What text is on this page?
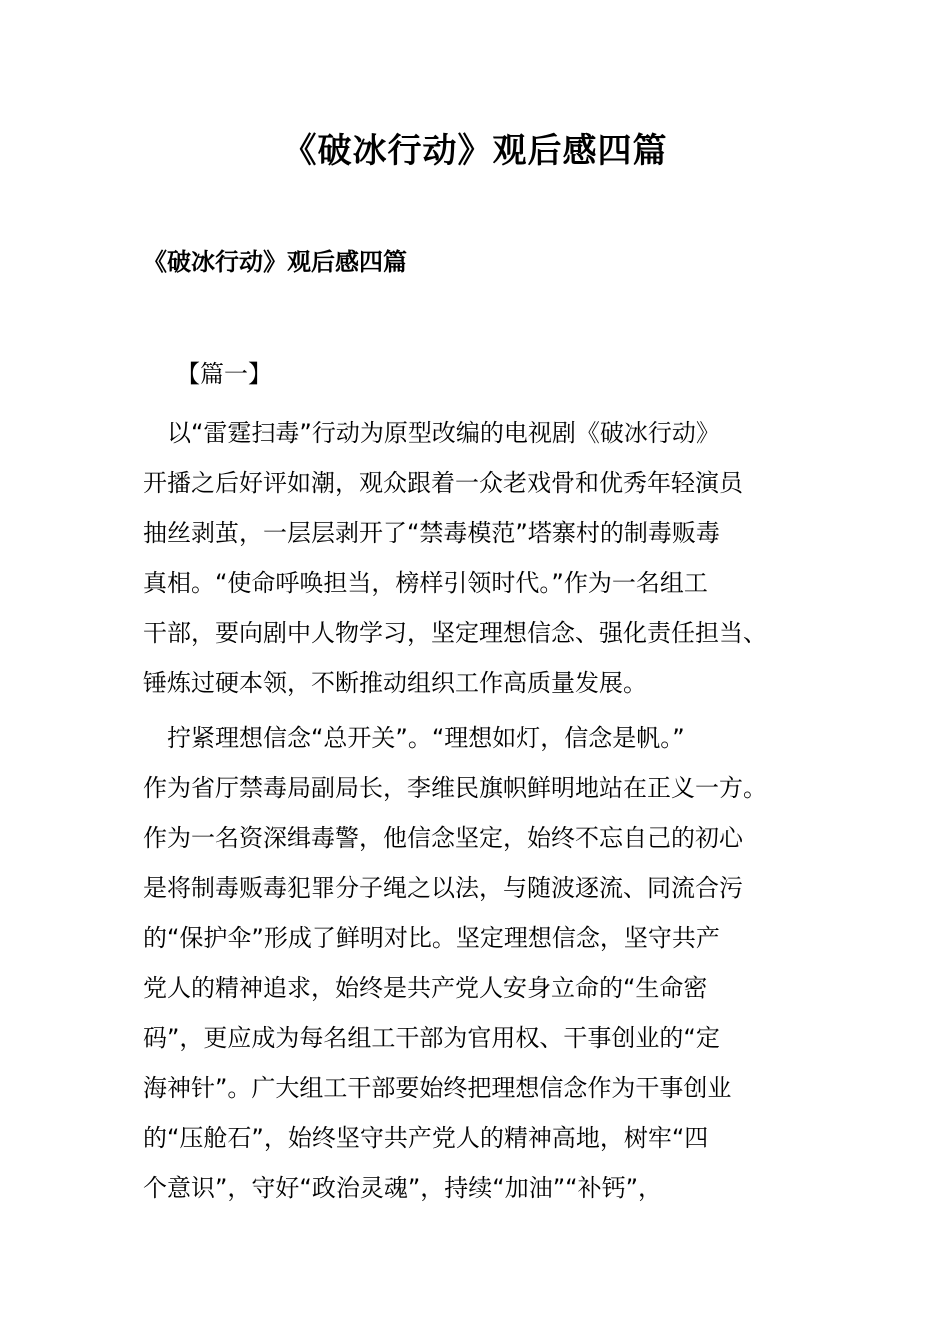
《破冰行动》观后感四篇
《破冰行动》观后感四篇
【篇一】
　以“雷霆扫毒”行动为原型改编的电视剧《破冰行动》
开播之后好评如潮，观众跟着一众老戏骨和优秀年轻演员
抽丝剥茧，一层层剥开了“禁毒模范”塔寨村的制毒贩毒
真相。“使命呼唤担当，榜样引领时代。”作为一名组工
干部，要向剧中人物学习，坚定理想信念、强化责任担当、
锤炼过硬本领，不断推动组织工作高质量发展。
　拧紧理想信念“总开关”。“理想如灯，信念是帆。”
作为省厅禁毒局副局长，李维民旗帜鲜明地站在正义一方。
作为一名资深缉毒警，他信念坚定，始终不忘自己的初心
是将制毒贩毒犯罪分子绳之以法，与随波逐流、同流合污
的“保护伞”形成了鲜明对比。坚定理想信念，坚守共产
党人的精神追求，始终是共产党人安身立命的“生命密
码”，更应成为每名组工干部为官用权、干事创业的“定
海神针”。广大组工干部要始终把理想信念作为干事创业
的“压舱石”，始终坚守共产党人的精神高地，树牢“四
个意识”，守好“政治灵魂”，持续“加油”“补钙”，
